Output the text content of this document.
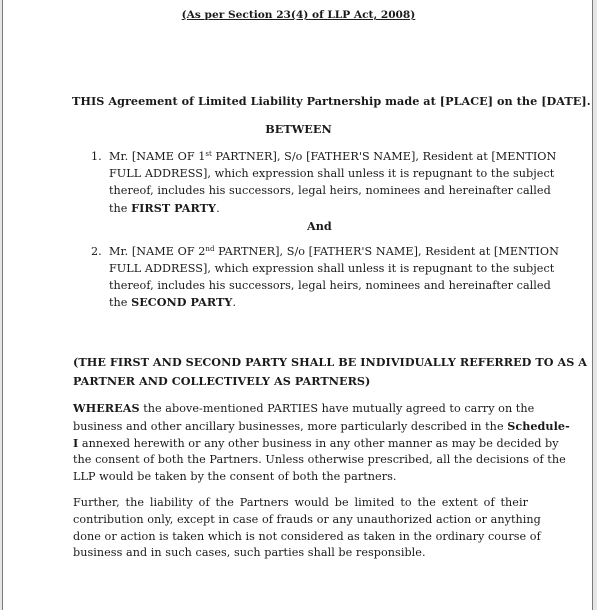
(As per Section 23(4) of LLP Act, 2008)
THIS Agreement of Limited Liability Partnership made at [PLACE] on the [DATE].
BETWEEN
1. Mr. [NAME OF 1st PARTNER], S/o [FATHER'S NAME], Resident at [MENTION
FULL ADDRESS], which expression shall unless it is repugnant to the subject
thereof, includes his successors, legal heirs, nominees and hereinafter called
the FIRST PARTY.
And
2. Mr. [NAME OF 2nd PARTNER], S/o [FATHER'S NAME], Resident at [MENTION
FULL ADDRESS], which expression shall unless it is repugnant to the subject
thereof, includes his successors, legal heirs, nominees and hereinafter called
the SECOND PARTY.
(THE FIRST AND SECOND PARTY SHALL BE INDIVIDUALLY REFERRED TO AS A
PARTNER AND COLLECTIVELY AS PARTNERS)
WHEREAS the above-mentioned PARTIES have mutually agreed to carry on the
business and other ancillary businesses, more particularly described in the Schedule-
I annexed herewith or any other business in any other manner as may be decided by
the consent of both the Partners. Unless otherwise prescribed, all the decisions of the
LLP would be taken by the consent of both the partners.
Further, the liability of the Partners would be limited to the extent of their
contribution only, except in case of frauds or any unauthorized action or anything
done or action is taken which is not considered as taken in the ordinary course of
business and in such cases, such parties shall be responsible.
